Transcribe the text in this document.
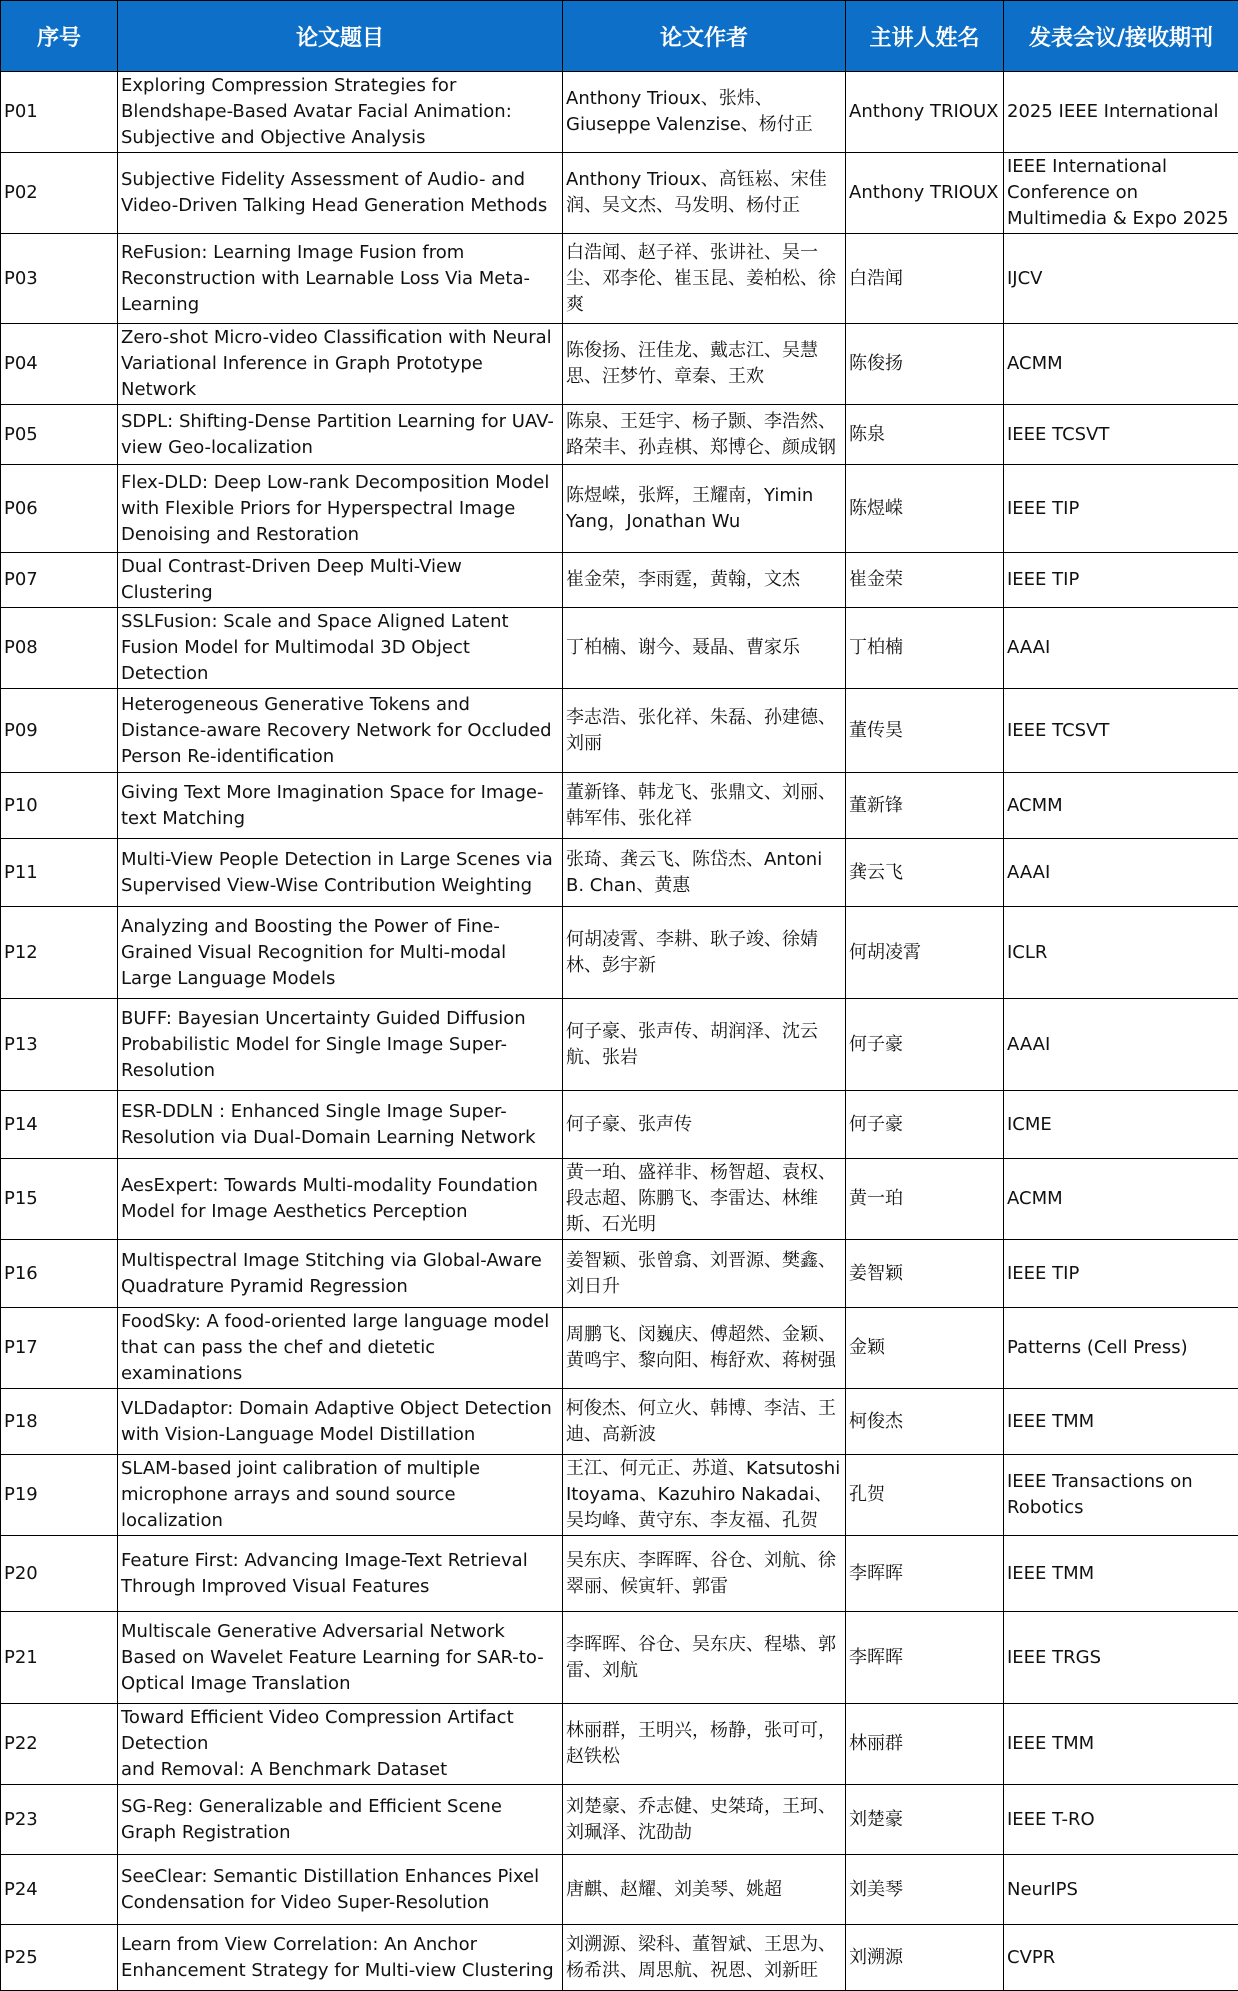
序号	论文题目	论文作者	主讲人姓名	发表会议/接收期刊
P01	Exploring Compression Strategies for Blendshape-Based Avatar Facial Animation: Subjective and Objective Analysis	Anthony Trioux、张炜、Giuseppe Valenzise、杨付正	Anthony TRIOUX	2025 IEEE International
P02	Subjective Fidelity Assessment of Audio- and Video-Driven Talking Head Generation Methods	Anthony Trioux、高钰崧、宋佳润、吴文杰、马发明、杨付正	Anthony TRIOUX	IEEE International Conference on Multimedia & Expo 2025
P03	ReFusion: Learning Image Fusion from Reconstruction with Learnable Loss Via Meta-Learning	白浩闻、赵子祥、张讲社、吴一尘、邓李伦、崔玉昆、姜柏松、徐爽	白浩闻	IJCV
P04	Zero-shot Micro-video Classification with Neural Variational Inference in Graph Prototype Network	陈俊扬、汪佳龙、戴志江、吴慧思、汪梦竹、章秦、王欢	陈俊扬	ACMM
P05	SDPL: Shifting-Dense Partition Learning for UAV-view Geo-localization	陈泉、王廷宇、杨子颢、李浩然、路荣丰、孙垚棋、郑博仑、颜成钢	陈泉	IEEE TCSVT
P06	Flex-DLD: Deep Low-rank Decomposition Model with Flexible Priors for Hyperspectral Image Denoising and Restoration	陈煜嵘，张辉，王耀南，Yimin Yang，Jonathan Wu	陈煜嵘	IEEE TIP
P07	Dual Contrast-Driven Deep Multi-View Clustering	崔金荣，李雨霆，黄翰，文杰	崔金荣	IEEE TIP
P08	SSLFusion: Scale and Space Aligned Latent Fusion Model for Multimodal 3D Object Detection	丁柏楠、谢今、聂晶、曹家乐	丁柏楠	AAAI
P09	Heterogeneous Generative Tokens and Distance-aware Recovery Network for Occluded Person Re-identification	李志浩、张化祥、朱磊、孙建德、刘丽	董传昊	IEEE TCSVT
P10	Giving Text More Imagination Space for Image-text Matching	董新锋、韩龙飞、张鼎文、刘丽、韩军伟、张化祥	董新锋	ACMM
P11	Multi-View People Detection in Large Scenes via Supervised View-Wise Contribution Weighting	张琦、龚云飞、陈岱杰、Antoni B. Chan、黄惠	龚云飞	AAAI
P12	Analyzing and Boosting the Power of Fine-Grained Visual Recognition for Multi-modal Large Language Models	何胡凌霄、李耕、耿子竣、徐婧林、彭宇新	何胡凌霄	ICLR
P13	BUFF: Bayesian Uncertainty Guided Diffusion Probabilistic Model for Single Image Super-Resolution	何子豪、张声传、胡润泽、沈云航、张岩	何子豪	AAAI
P14	ESR-DDLN : Enhanced Single Image Super-Resolution via Dual-Domain Learning Network	何子豪、张声传	何子豪	ICME
P15	AesExpert: Towards Multi-modality Foundation Model for Image Aesthetics Perception	黄一珀、盛祥非、杨智超、袁权、段志超、陈鹏飞、李雷达、林维斯、石光明	黄一珀	ACMM
P16	Multispectral Image Stitching via Global-Aware Quadrature Pyramid Regression	姜智颖、张曾翕、刘晋源、樊鑫、刘日升	姜智颖	IEEE TIP
P17	FoodSky: A food-oriented large language model that can pass the chef and dietetic examinations	周鹏飞、闵巍庆、傅超然、金颖、黄鸣宇、黎向阳、梅舒欢、蒋树强	金颖	Patterns (Cell Press)
P18	VLDadaptor: Domain Adaptive Object Detection with Vision-Language Model Distillation	柯俊杰、何立火、韩博、李洁、王迪、高新波	柯俊杰	IEEE TMM
P19	SLAM-based joint calibration of multiple microphone arrays and sound source localization	王江、何元正、苏道、Katsutoshi Itoyama、Kazuhiro Nakadai、吴均峰、黄守东、李友福、孔贺	孔贺	IEEE Transactions on Robotics
P20	Feature First: Advancing Image-Text Retrieval Through Improved Visual Features	吴东庆、李晖晖、谷仓、刘航、徐翠丽、候寅轩、郭雷	李晖晖	IEEE TMM
P21	Multiscale Generative Adversarial Network Based on Wavelet Feature Learning for SAR-to-Optical Image Translation	李晖晖、谷仓、吴东庆、程塨、郭雷、刘航	李晖晖	IEEE TRGS
P22	Toward Efficient Video Compression Artifact Detection
and Removal: A Benchmark Dataset	林丽群，王明兴，杨静，张可可，赵铁松	林丽群	IEEE TMM
P23	SG-Reg: Generalizable and Efficient Scene Graph Registration	刘楚豪、乔志健、史桀琦，王珂、刘珮泽、沈劭劼	刘楚豪	IEEE T-RO
P24	SeeClear: Semantic Distillation Enhances Pixel Condensation for Video Super-Resolution	唐麒、赵耀、刘美琴、姚超	刘美琴	NeurIPS
P25	Learn from View Correlation: An Anchor Enhancement Strategy for Multi-view Clustering	刘溯源、梁科、董智斌、王思为、杨希洪、周思航、祝恩、刘新旺	刘溯源	CVPR
